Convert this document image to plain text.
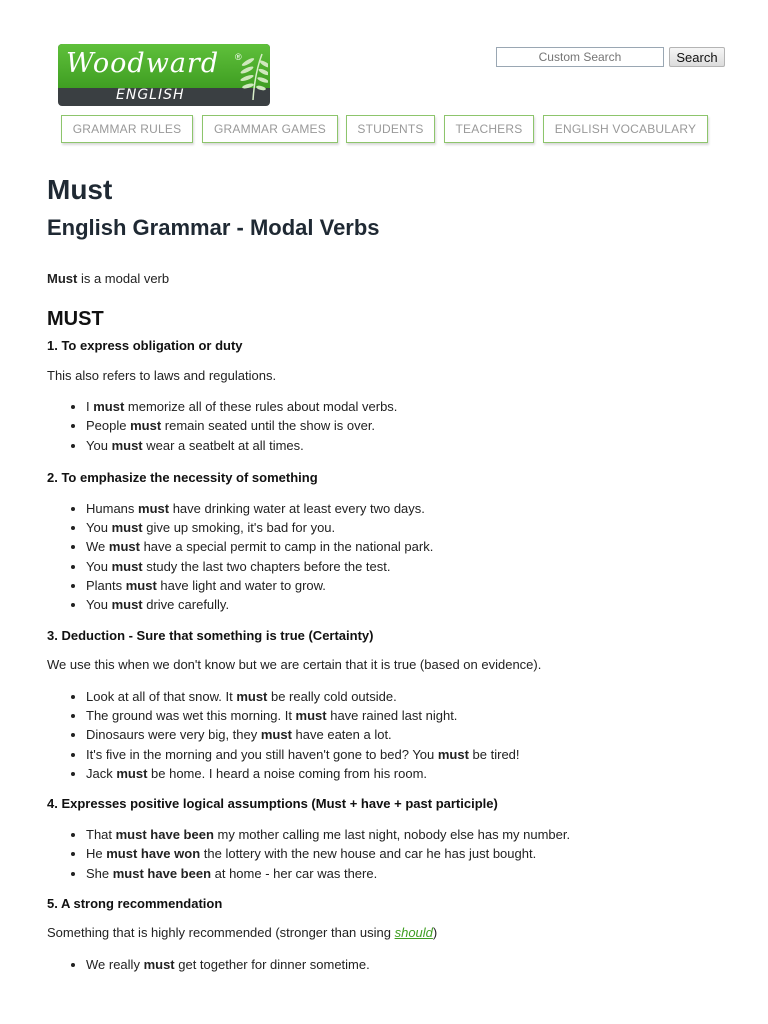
Woodward ®
ENGLISH
Custom Search
Search
GRAMMAR RULES	GRAMMAR GAMES	STUDENTS	TEACHERS	ENGLISH VOCABULARY
Must
English Grammar - Modal Verbs

Must is a modal verb

MUST

1. To express obligation or duty

This also refers to laws and regulations.

• I must memorize all of these rules about modal verbs.
• People must remain seated until the show is over.
• You must wear a seatbelt at all times.

2. To emphasize the necessity of something

• Humans must have drinking water at least every two days.
• You must give up smoking, it's bad for you.
• We must have a special permit to camp in the national park.
• You must study the last two chapters before the test.
• Plants must have light and water to grow.
• You must drive carefully.

3. Deduction - Sure that something is true (Certainty)

We use this when we don't know but we are certain that it is true (based on evidence).

• Look at all of that snow. It must be really cold outside.
• The ground was wet this morning. It must have rained last night.
• Dinosaurs were very big, they must have eaten a lot.
• It's five in the morning and you still haven't gone to bed? You must be tired!
• Jack must be home. I heard a noise coming from his room.

4. Expresses positive logical assumptions (Must + have + past participle)

• That must have been my mother calling me last night, nobody else has my number.
• He must have won the lottery with the new house and car he has just bought.
• She must have been at home - her car was there.

5. A strong recommendation

Something that is highly recommended (stronger than using should)

• We really must get together for dinner sometime.
